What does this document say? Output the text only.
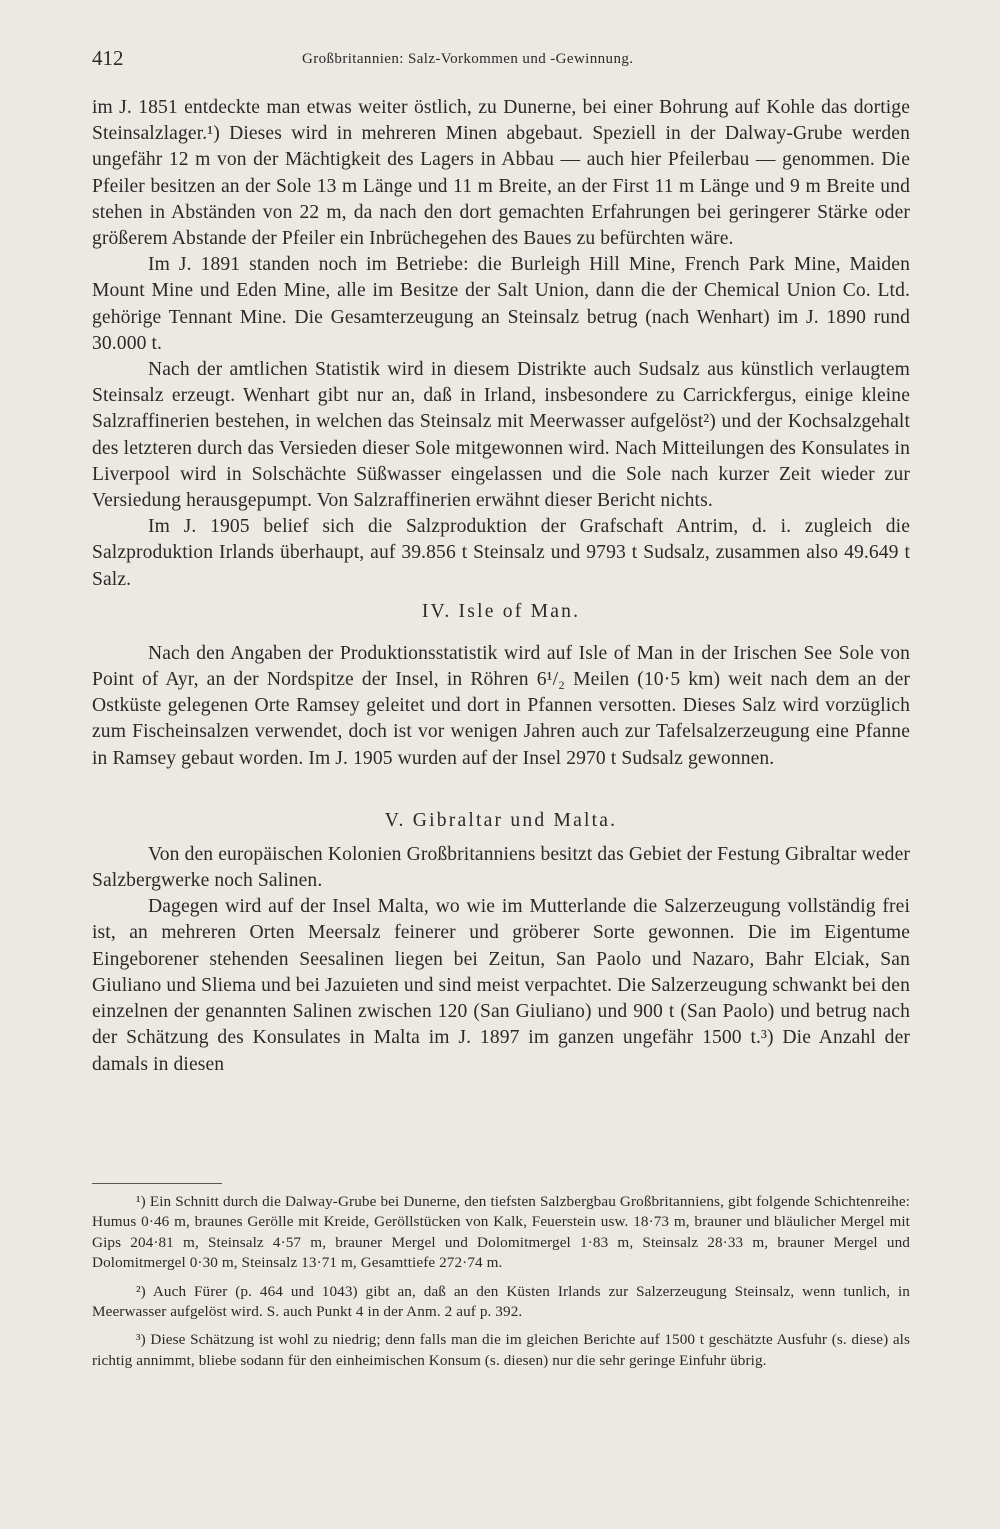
412	Großbritannien: Salz-Vorkommen und -Gewinnung.

im J. 1851 entdeckte man etwas weiter östlich, zu Dunerne, bei einer Bohrung auf Kohle das dortige Steinsalzlager.¹) Dieses wird in mehreren Minen abgebaut. Speziell in der Dalway-Grube werden ungefähr 12 m von der Mächtigkeit des Lagers in Abbau — auch hier Pfeilerbau — genommen. Die Pfeiler besitzen an der Sole 13 m Länge und 11 m Breite, an der First 11 m Länge und 9 m Breite und stehen in Abständen von 22 m, da nach den dort gemachten Erfahrungen bei geringerer Stärke oder größerem Abstande der Pfeiler ein Inbrüchegehen des Baues zu befürchten wäre.

Im J. 1891 standen noch im Betriebe: die Burleigh Hill Mine, French Park Mine, Maiden Mount Mine und Eden Mine, alle im Besitze der Salt Union, dann die der Chemical Union Co. Ltd. gehörige Tennant Mine. Die Gesamterzeugung an Steinsalz betrug (nach Wenhart) im J. 1890 rund 30.000 t.

Nach der amtlichen Statistik wird in diesem Distrikte auch Sudsalz aus künstlich verlaugtem Steinsalz erzeugt. Wenhart gibt nur an, daß in Irland, insbesondere zu Carrickfergus, einige kleine Salzraffinerien bestehen, in welchen das Steinsalz mit Meerwasser aufgelöst²) und der Kochsalzgehalt des letzteren durch das Versieden dieser Sole mitgewonnen wird. Nach Mitteilungen des Konsulates in Liverpool wird in Solschächte Süßwasser eingelassen und die Sole nach kurzer Zeit wieder zur Versiedung herausgepumpt. Von Salzraffinerien erwähnt dieser Bericht nichts.

Im J. 1905 belief sich die Salzproduktion der Grafschaft Antrim, d. i. zugleich die Salzproduktion Irlands überhaupt, auf 39.856 t Steinsalz und 9793 t Sudsalz, zusammen also 49.649 t Salz.

IV. Isle of Man.

Nach den Angaben der Produktionsstatistik wird auf Isle of Man in der Irischen See Sole von Point of Ayr, an der Nordspitze der Insel, in Röhren 6¹/₂ Meilen (10·5 km) weit nach dem an der Ostküste gelegenen Orte Ramsey geleitet und dort in Pfannen versotten. Dieses Salz wird vorzüglich zum Fischeinsalzen verwendet, doch ist vor wenigen Jahren auch zur Tafelsalzerzeugung eine Pfanne in Ramsey gebaut worden. Im J. 1905 wurden auf der Insel 2970 t Sudsalz gewonnen.

V. Gibraltar und Malta.

Von den europäischen Kolonien Großbritanniens besitzt das Gebiet der Festung Gibraltar weder Salzbergwerke noch Salinen.

Dagegen wird auf der Insel Malta, wo wie im Mutterlande die Salzerzeugung vollständig frei ist, an mehreren Orten Meersalz feinerer und gröberer Sorte gewonnen. Die im Eigentume Eingeborener stehenden Seesalinen liegen bei Zeitun, San Paolo und Nazaro, Bahr Elciak, San Giuliano und Sliema und bei Jazuieten und sind meist verpachtet. Die Salzerzeugung schwankt bei den einzelnen der genannten Salinen zwischen 120 (San Giuliano) und 900 t (San Paolo) und betrug nach der Schätzung des Konsulates in Malta im J. 1897 im ganzen ungefähr 1500 t.³) Die Anzahl der damals in diesen

¹) Ein Schnitt durch die Dalway-Grube bei Dunerne, den tiefsten Salzbergbau Großbritanniens, gibt folgende Schichtenreihe: Humus 0·46 m, braunes Gerölle mit Kreide, Geröllstücken von Kalk, Feuerstein usw. 18·73 m, brauner und bläulicher Mergel mit Gips 204·81 m, Steinsalz 4·57 m, brauner Mergel und Dolomitmergel 1·83 m, Steinsalz 28·33 m, brauner Mergel und Dolomitmergel 0·30 m, Steinsalz 13·71 m, Gesamttiefe 272·74 m.

²) Auch Fürer (p. 464 und 1043) gibt an, daß an den Küsten Irlands zur Salzerzeugung Steinsalz, wenn tunlich, in Meerwasser aufgelöst wird. S. auch Punkt 4 in der Anm. 2 auf p. 392.

³) Diese Schätzung ist wohl zu niedrig; denn falls man die im gleichen Berichte auf 1500 t geschätzte Ausfuhr (s. diese) als richtig annimmt, bliebe sodann für den einheimischen Konsum (s. diesen) nur die sehr geringe Einfuhr übrig.
